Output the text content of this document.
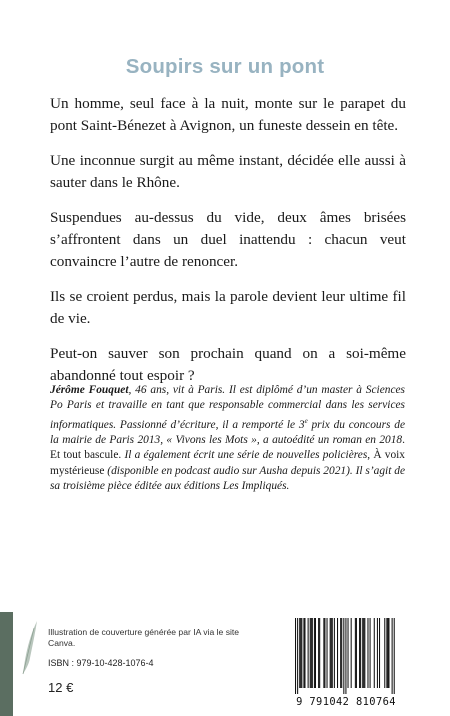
Soupirs sur un pont

Un homme, seul face à la nuit, monte sur le parapet du pont Saint-Bénezet à Avignon, un funeste dessein en tête.

Une inconnue surgit au même instant, décidée elle aussi à sauter dans le Rhône.

Suspendues au-dessus du vide, deux âmes brisées s’affrontent dans un duel inattendu : chacun veut convaincre l’autre de renoncer.

Ils se croient perdus, mais la parole devient leur ultime fil de vie.

Peut-on sauver son prochain quand on a soi-même abandonné tout espoir ?

Jérôme Fouquet, 46 ans, vit à Paris. Il est diplômé d’un master à Sciences Po Paris et travaille en tant que responsable commercial dans les services informatiques. Passionné d’écriture, il a remporté le 3e prix du concours de la mairie de Paris 2013, « Vivons les Mots », a autoédité un roman en 2018. Et tout bascule. Il a également écrit une série de nouvelles policières, À voix mystérieuse (disponible en podcast audio sur Ausha depuis 2021). Il s’agit de sa troisième pièce éditée aux éditions Les Impliqués.

Illustration de couverture générée par IA via le site Canva.
ISBN : 979-10-428-1076-4
12 €
9 791042 810764
